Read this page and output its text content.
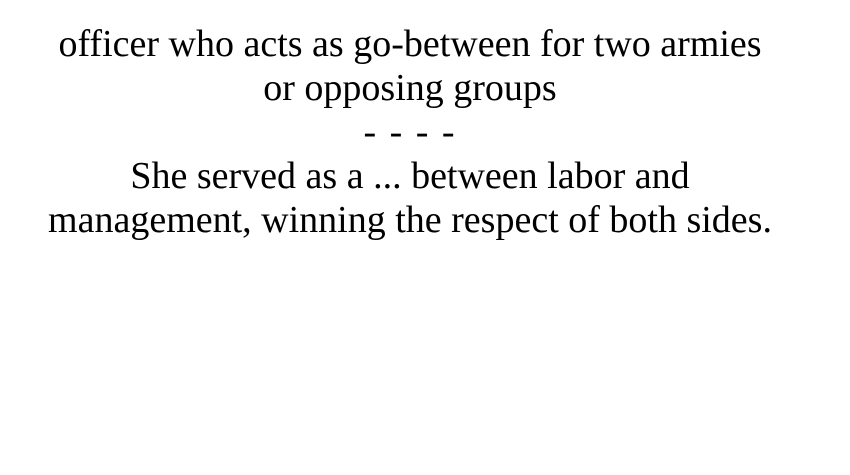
officer who acts as go-between for two armies
or opposing groups
- - - -
She served as a ... between labor and
management, winning the respect of both sides.
